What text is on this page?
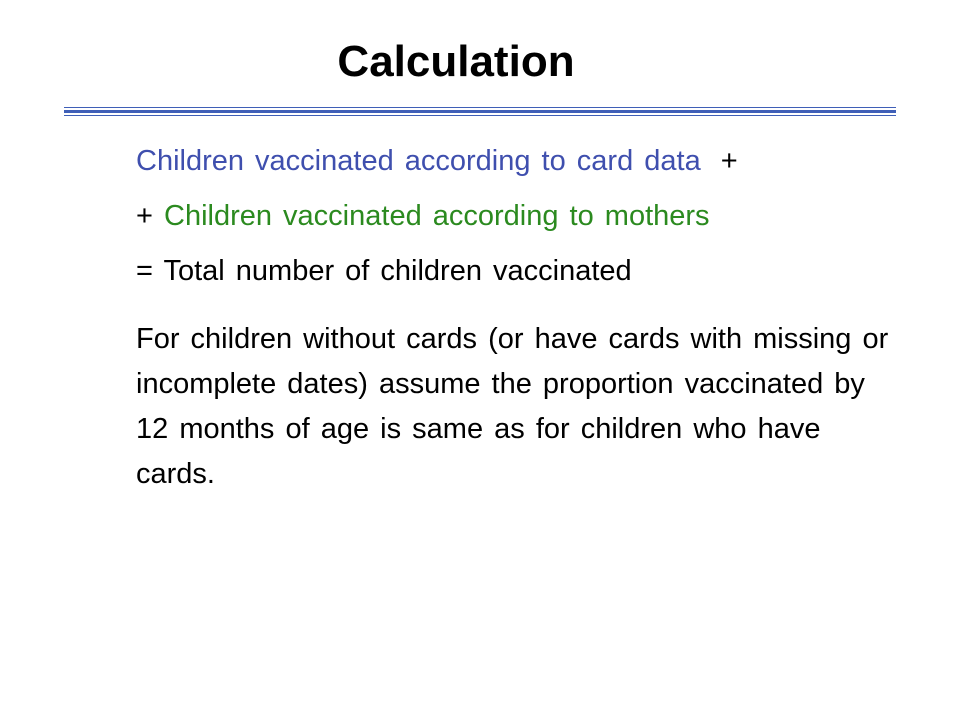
Calculation

Children vaccinated according to card data +

+ Children vaccinated according to mothers

= Total number of children vaccinated

For children without cards (or have cards with missing or incomplete dates) assume the proportion vaccinated by 12 months of age is same as for children who have cards.
